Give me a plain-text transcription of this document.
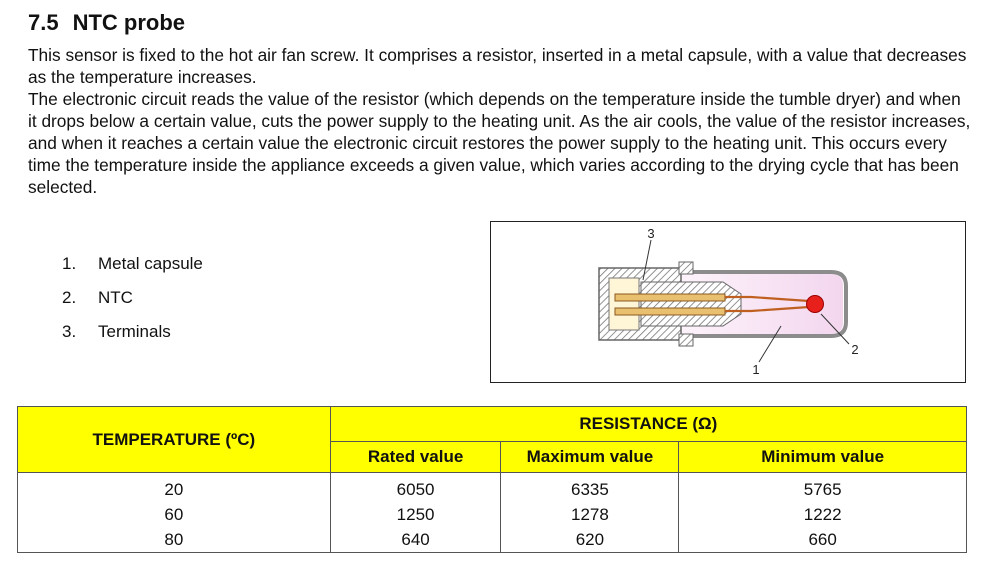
7.5 NTC probe

This sensor is fixed to the hot air fan screw. It comprises a resistor, inserted in a metal capsule, with a value that decreases as the temperature increases.

The electronic circuit reads the value of the resistor (which depends on the temperature inside the tumble dryer) and when it drops below a certain value, cuts the power supply to the heating unit. As the air cools, the value of the resistor increases, and when it reaches a certain value the electronic circuit restores the power supply to the heating unit. This occurs every time the temperature inside the appliance exceeds a given value, which varies according to the drying cycle that has been selected.

1. Metal capsule
2. NTC
3. Terminals
3
1
2
TEMPERATURE (ºC)	RESISTANCE (Ω)		
	Rated value	Maximum value	Minimum value
20	6050	6335	5765
60	1250	1278	1222
80	640	620	660
